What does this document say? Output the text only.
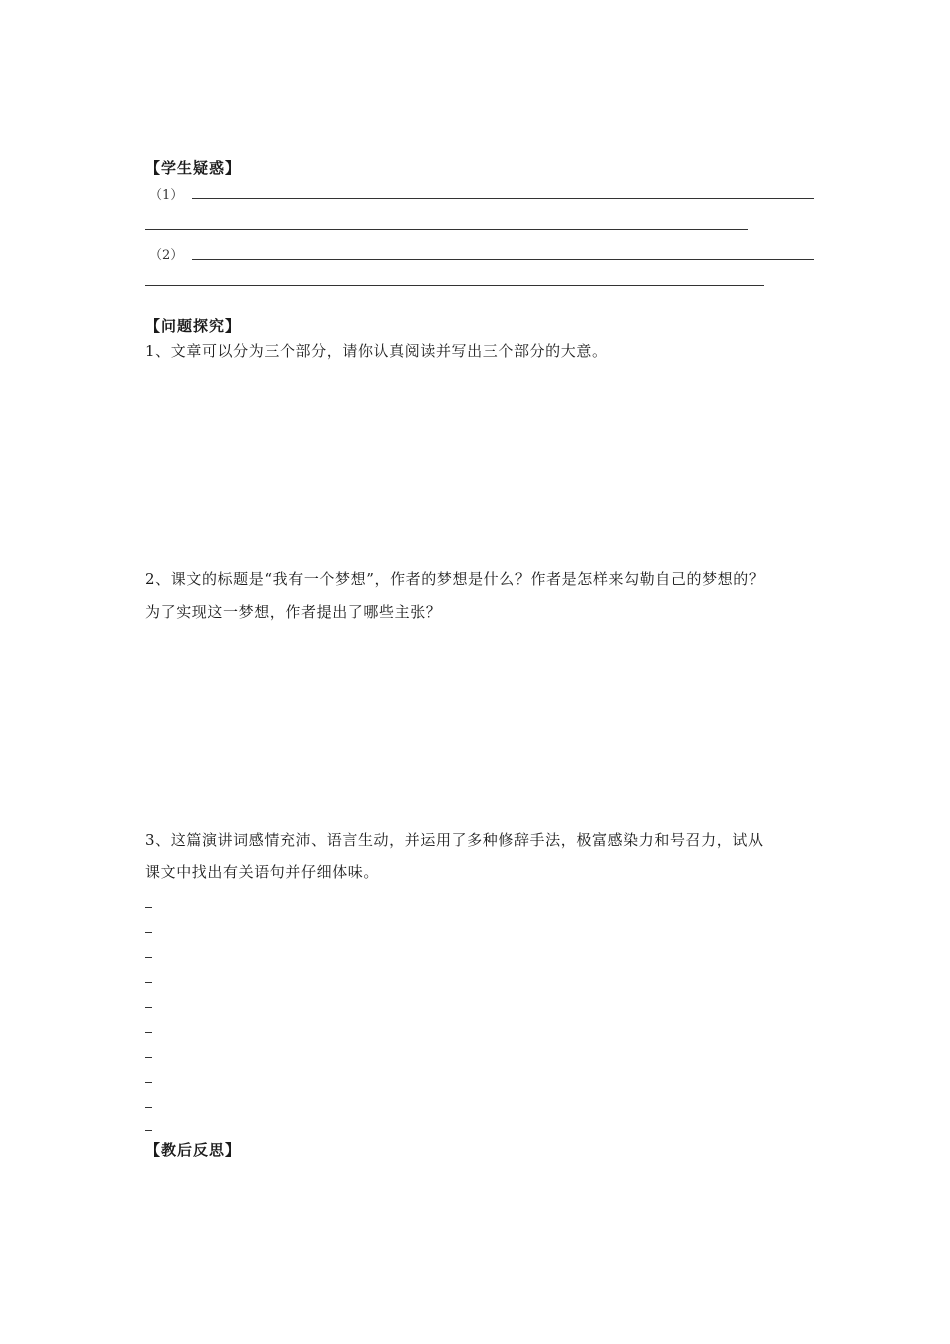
【学生疑惑】
（1）
（2）
【问题探究】
1、文章可以分为三个部分，请你认真阅读并写出三个部分的大意。
2、课文的标题是“我有一个梦想”，作者的梦想是什么？作者是怎样来勾勒自己的梦想的？
为了实现这一梦想，作者提出了哪些主张？
3、这篇演讲词感情充沛、语言生动，并运用了多种修辞手法，极富感染力和号召力，试从
课文中找出有关语句并仔细体味。
【教后反思】
